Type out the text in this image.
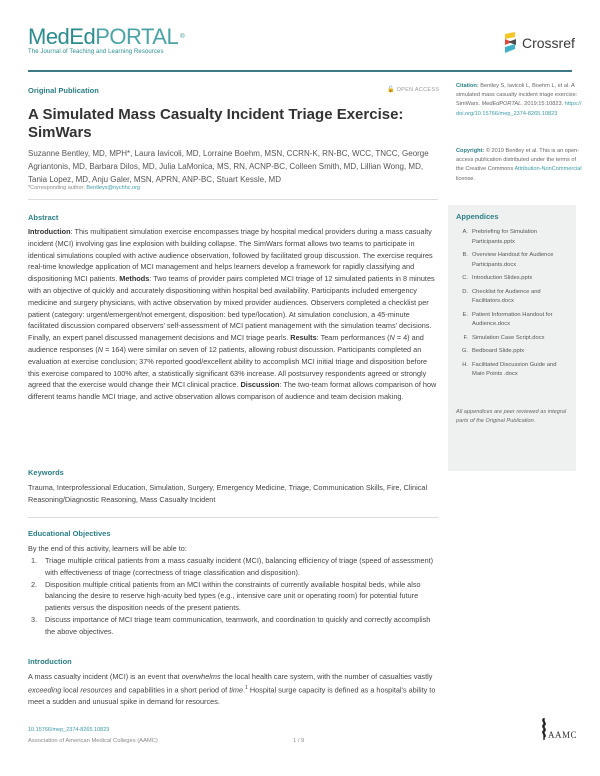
MedEdPORTAL ®
The Journal of Teaching and Learning Resources
Crossref
Original Publication	🔓 OPEN ACCESS
A Simulated Mass Casualty Incident Triage Exercise: SimWars
Suzanne Bentley, MD, MPH*, Laura Iavicoli, MD, Lorraine Boehm, MSN, CCRN-K, RN-BC, WCC, TNCC, George Agriantonis, MD, Barbara Dilos, MD, Julia LaMonica, MS, RN, ACNP-BC, Colleen Smith, MD, Lillian Wong, MD, Tania Lopez, MD, Anju Galer, MSN, APRN, ANP-BC, Stuart Kessle, MD
*Corresponding author: Bentleys@nychhc.org
Abstract
Introduction: This multipatient simulation exercise encompasses triage by hospital medical providers during a mass casualty incident (MCI) involving gas line explosion with building collapse. The SimWars format allows two teams to participate in identical simulations coupled with active audience observation, followed by facilitated group discussion. The exercise requires real-time knowledge application of MCI management and helps learners develop a framework for rapidly classifying and dispositioning MCI patients. Methods: Two teams of provider pairs completed MCI triage of 12 simulated patients in 8 minutes with an objective of quickly and accurately dispositioning within hospital bed availability. Participants included emergency medicine and surgery physicians, with active observation by mixed provider audiences. Observers completed a checklist per patient (category: urgent/emergent/not emergent, disposition: bed type/location). At simulation conclusion, a 45-minute facilitated discussion compared observers' self-assessment of MCI patient management with the simulation teams' decisions. Finally, an expert panel discussed management decisions and MCI triage pearls. Results: Team performances (N = 4) and audience responses (N = 164) were similar on seven of 12 patients, allowing robust discussion. Participants completed an evaluation at exercise conclusion; 37% reported good/excellent ability to accomplish MCI initial triage and disposition before this exercise compared to 100% after, a statistically significant 63% increase. All postsurvey respondents agreed or strongly agreed that the exercise would change their MCI clinical practice. Discussion: The two-team format allows comparison of how different teams handle MCI triage, and active observation allows comparison of audience and team decision making.
Keywords
Trauma, Interprofessional Education, Simulation, Surgery, Emergency Medicine, Triage, Communication Skills, Fire, Clinical Reasoning/Diagnostic Reasoning, Mass Casualty Incident
Educational Objectives
By the end of this activity, learners will be able to:
1.	Triage multiple critical patients from a mass casualty incident (MCI), balancing efficiency of triage (speed of assessment) with effectiveness of triage (correctness of triage classification and disposition).
2.	Disposition multiple critical patients from an MCI within the constraints of currently available hospital beds, while also balancing the desire to reserve high-acuity bed types (e.g., intensive care unit or operating room) for potential future patients versus the disposition needs of the present patients.
3.	Discuss importance of MCI triage team communication, teamwork, and coordination to quickly and correctly accomplish the above objectives.
Introduction
A mass casualty incident (MCI) is an event that overwhelms the local health care system, with the number of casualties vastly exceeding local resources and capabilities in a short period of time.$^1$ Hospital surge capacity is defined as a hospital's ability to meet a sudden and unusual spike in demand for resources.
Citation: Bentley S, Iavicoli L, Boehm L, et al. A simulated mass casualty incident triage exercise: SimWars. MedEdPORTAL. 2019;15:10823. https://doi.org/10.15766/mep_2374-8265.10823
Copyright: © 2019 Bentley et al. This is an open-access publication distributed under the terms of the Creative Commons Attribution-NonCommercial license.
Appendices
A. Prebriefing for Simulation Participants.pptx
B. Overview Handout for Audience Participants.docx
C. Introduction Slides.pptx
D. Checklist for Audience and Facilitators.docx
E. Patient Information Handout for Audience.docx
F. Simulation Case Script.docx
G. Bedboard Slide.pptx
H. Facilitated Discussion Guide and Main Points .docx
All appendices are peer reviewed as integral parts of the Original Publication.
10.15766/mep_2374-8265.10823
Association of American Medical Colleges (AAMC)	1 / 9
AAMC
